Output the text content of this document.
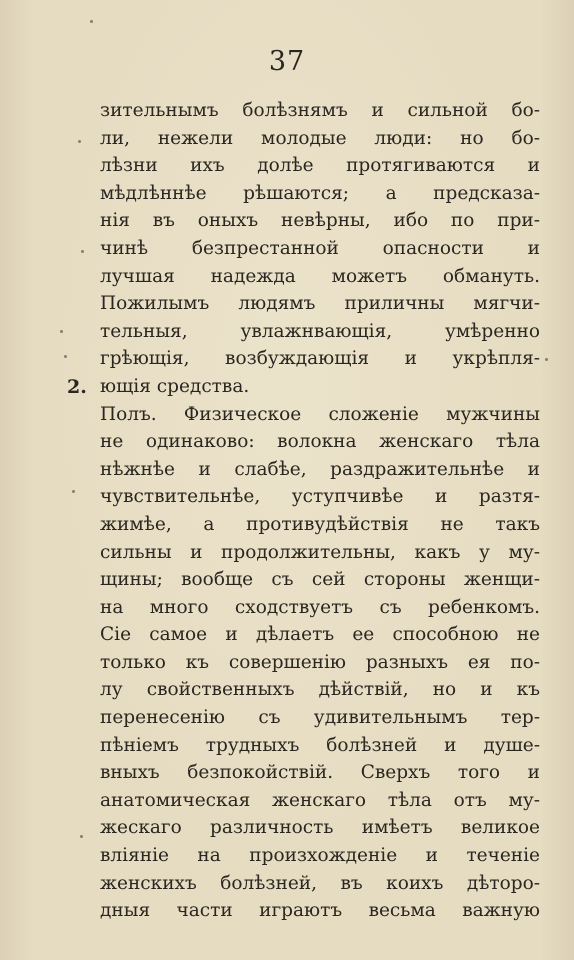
37
2.
зительнымъ болѣзнямъ и сильной бо-
ли, нежели молодые люди: но бо-
лѣзни ихъ долѣе протягиваются и
мѣдлѣннѣе рѣшаются; а предсказа-
нія въ оныхъ невѣрны, ибо по при-
чинѣ безпрестанной опасности и
лучшая надежда можетъ обмануть.
Пожилымъ людямъ приличны мягчи-
тельныя, увлажнвающія, умѣренно
грѣющія, возбуждающія и укрѣпля-
ющія средства.
Полъ. Физическое сложеніе мужчины
не одинаково: волокна женскаго тѣла
нѣжнѣе и слабѣе, раздражительнѣе и
чувствительнѣе, уступчивѣе и разтя-
жимѣе, а противудѣйствія не такъ
сильны и продолжительны, какъ у му-
щины; вообще съ сей стороны женщи-
на много сходствуетъ съ ребенкомъ.
Сіе самое и дѣлаетъ ее способною не
только къ совершенію разныхъ ея по-
лу свойственныхъ дѣйствій, но и къ
перенесенію съ удивительнымъ тер-
пѣніемъ трудныхъ болѣзней и душе-
вныхъ безпокойствій. Сверхъ того и
анатомическая женскаго тѣла отъ му-
жескаго различность имѣетъ великое
вліяніе на произхожденіе и теченіе
женскихъ болѣзней, въ коихъ дѣторо-
дныя части играютъ весьма важную
